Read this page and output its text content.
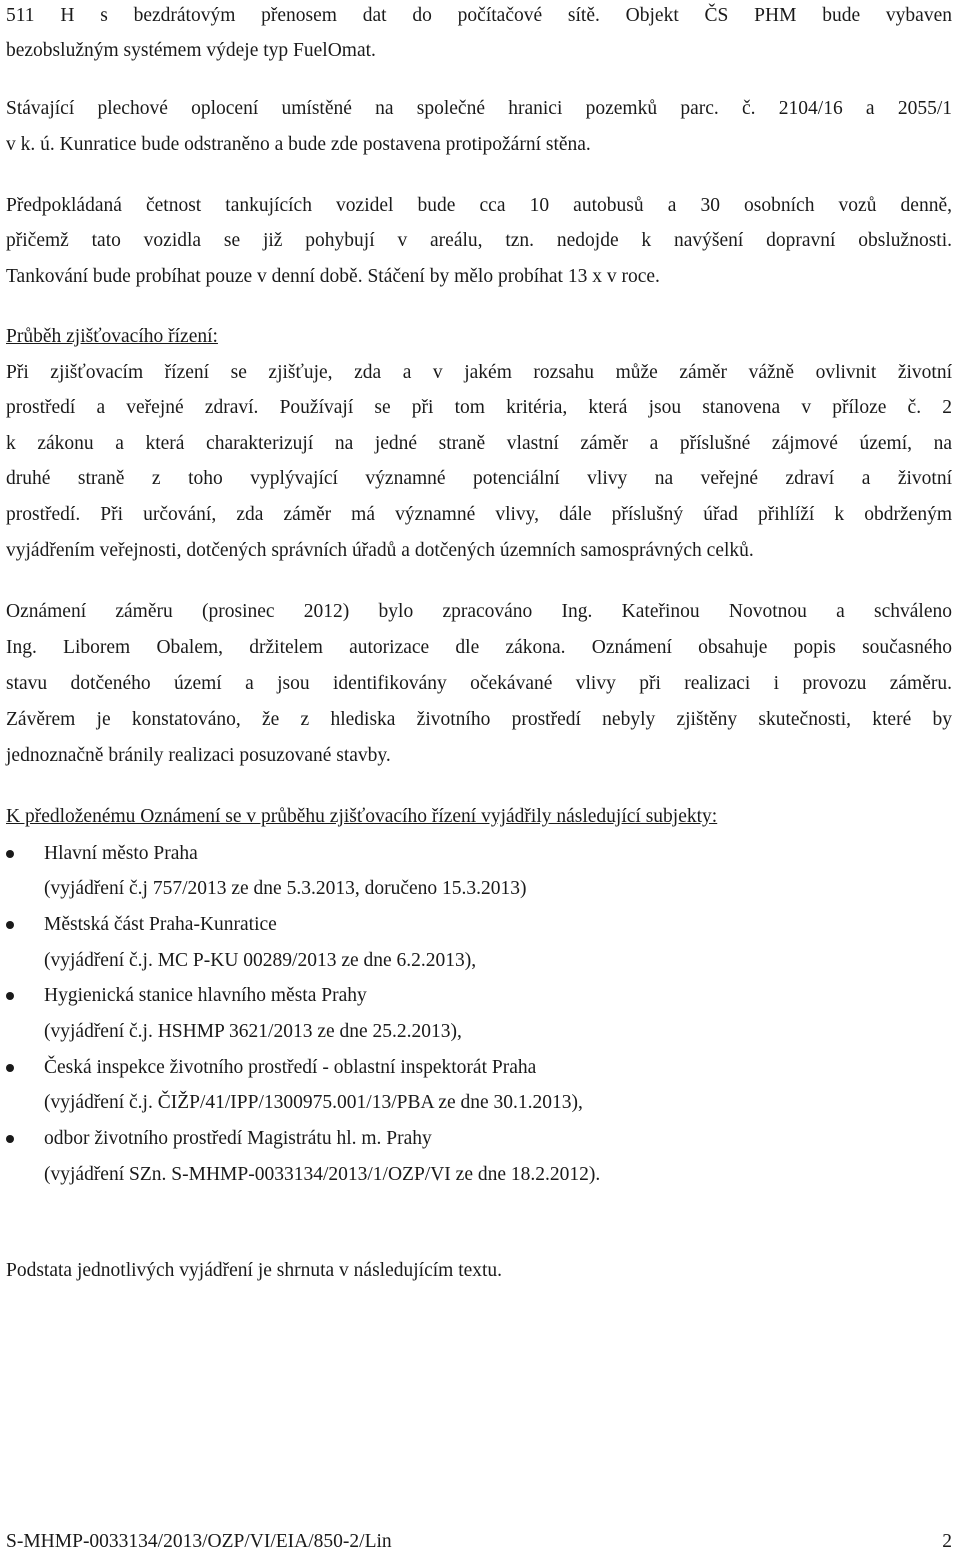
511 H s bezdrátovým přenosem dat do počítačové sítě. Objekt ČS PHM bude vybaven
bezobslužným systémem výdeje typ FuelOmat.
Stávající plechové oplocení umístěné na společné hranici pozemků parc. č. 2104/16 a 2055/1
v k. ú. Kunratice bude odstraněno a bude zde postavena protipožární stěna.
Předpokládaná četnost tankujících vozidel bude cca 10 autobusů a 30 osobních vozů denně,
přičemž tato vozidla se již pohybují v areálu, tzn. nedojde k navýšení dopravní obslužnosti.
Tankování bude probíhat pouze v denní době. Stáčení by mělo probíhat 13 x v roce.
Průběh zjišťovacího řízení:
Při zjišťovacím řízení se zjišťuje, zda a v jakém rozsahu může záměr vážně ovlivnit životní
prostředí a veřejné zdraví. Používají se při tom kritéria, která jsou stanovena v příloze č. 2
k zákonu a která charakterizují na jedné straně vlastní záměr a příslušné zájmové území, na
druhé straně z toho vyplývající významné potenciální vlivy na veřejné zdraví a životní
prostředí. Při určování, zda záměr má významné vlivy, dále příslušný úřad přihlíží k obdrženým
vyjádřením veřejnosti, dotčených správních úřadů a dotčených územních samosprávných celků.
Oznámení záměru (prosinec 2012) bylo zpracováno Ing. Kateřinou Novotnou a schváleno
Ing. Liborem Obalem, držitelem autorizace dle zákona. Oznámení obsahuje popis současného
stavu dotčeného území a jsou identifikovány očekávané vlivy při realizaci i provozu záměru.
Závěrem je konstatováno, že z hlediska životního prostředí nebyly zjištěny skutečnosti, které by
jednoznačně bránily realizaci posuzované stavby.
K předloženému Oznámení se v průběhu zjišťovacího řízení vyjádřily následující subjekty:
Hlavní město Praha
(vyjádření č.j 757/2013 ze dne 5.3.2013, doručeno 15.3.2013)
Městská část Praha-Kunratice
(vyjádření č.j. MC P-KU 00289/2013 ze dne 6.2.2013),
Hygienická stanice hlavního města Prahy
(vyjádření č.j. HSHMP 3621/2013 ze dne 25.2.2013),
Česká inspekce životního prostředí - oblastní inspektorát Praha
(vyjádření č.j. ČIŽP/41/IPP/1300975.001/13/PBA ze dne 30.1.2013),
odbor životního prostředí Magistrátu hl. m. Prahy
(vyjádření SZn. S-MHMP-0033134/2013/1/OZP/VI ze dne 18.2.2012).
Podstata jednotlivých vyjádření je shrnuta v následujícím textu.
S-MHMP-0033134/2013/OZP/VI/EIA/850-2/Lin	2
